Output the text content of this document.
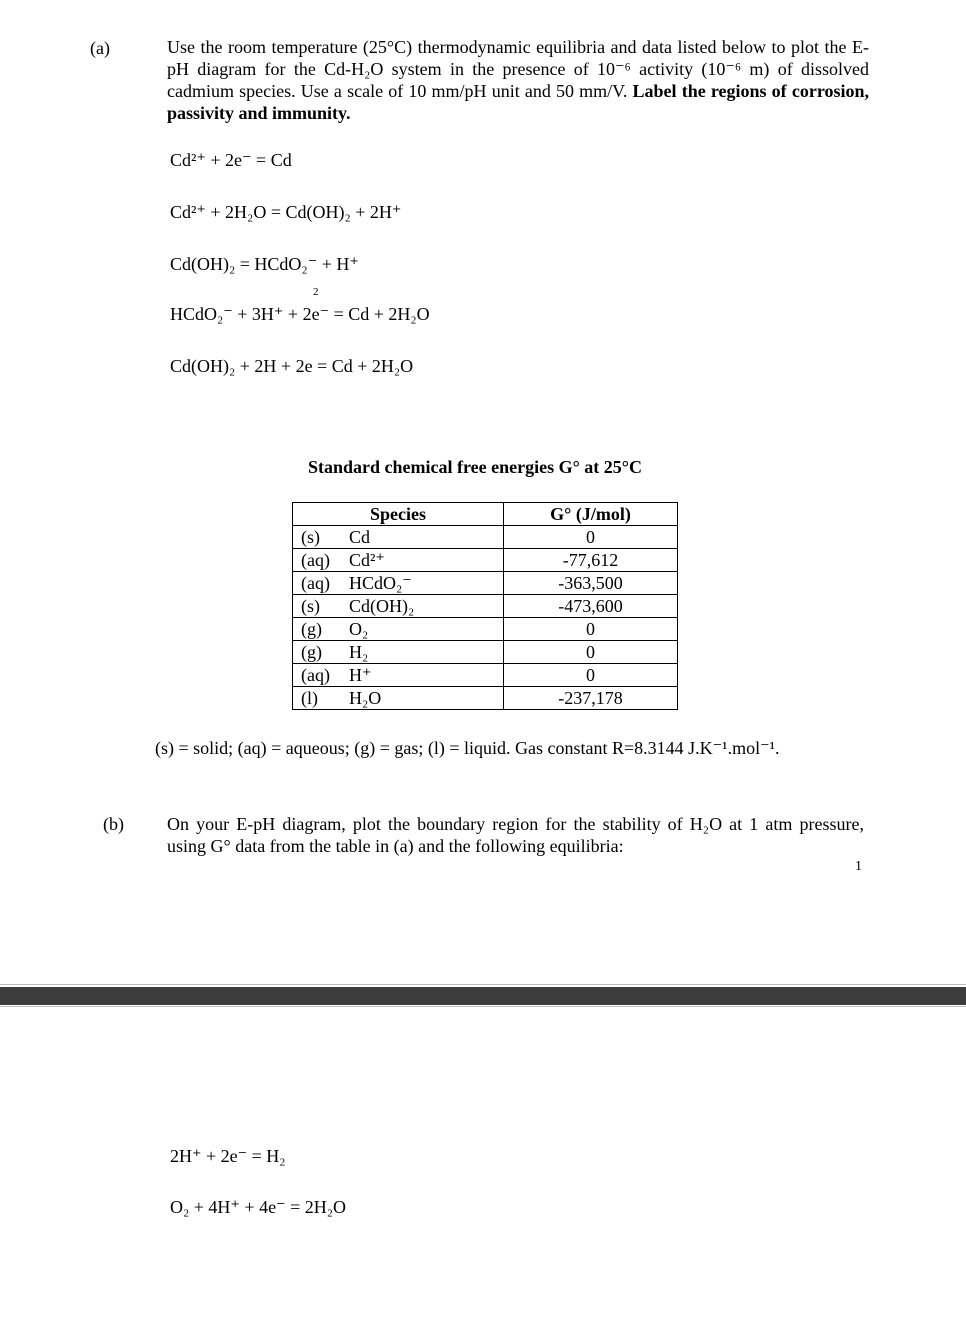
(a)	Use the room temperature (25°C) thermodynamic equilibria and data listed below to plot the E-pH diagram for the Cd-H₂O system in the presence of 10⁻⁶ activity (10⁻⁶ m) of dissolved cadmium species. Use a scale of 10 mm/pH unit and 50 mm/V. Label the regions of corrosion, passivity and immunity.
Cd²⁺ + 2e⁻ = Cd
Cd²⁺ + 2H₂O = Cd(OH)₂ + 2H⁺
Cd(OH)₂ = HCdO₂⁻ + H⁺
2
HCdO₂⁻ + 3H⁺ + 2e⁻ = Cd + 2H₂O
Cd(OH)₂ + 2H + 2e = Cd + 2H₂O
Standard chemical free energies G° at 25°C
Species	G° (J/mol)
(s) Cd	0
(aq) Cd²⁺	-77,612
(aq) HCdO₂⁻	-363,500
(s) Cd(OH)₂	-473,600
(g) O₂	0
(g) H₂	0
(aq) H⁺	0
(l) H₂O	-237,178
(s) = solid; (aq) = aqueous; (g) = gas; (l) = liquid. Gas constant R=8.3144 J.K⁻¹.mol⁻¹.
(b) On your E-pH diagram, plot the boundary region for the stability of H₂O at 1 atm pressure, using G° data from the table in (a) and the following equilibria:
1
2H⁺ + 2e⁻ = H₂
O₂ + 4H⁺ + 4e⁻ = 2H₂O
